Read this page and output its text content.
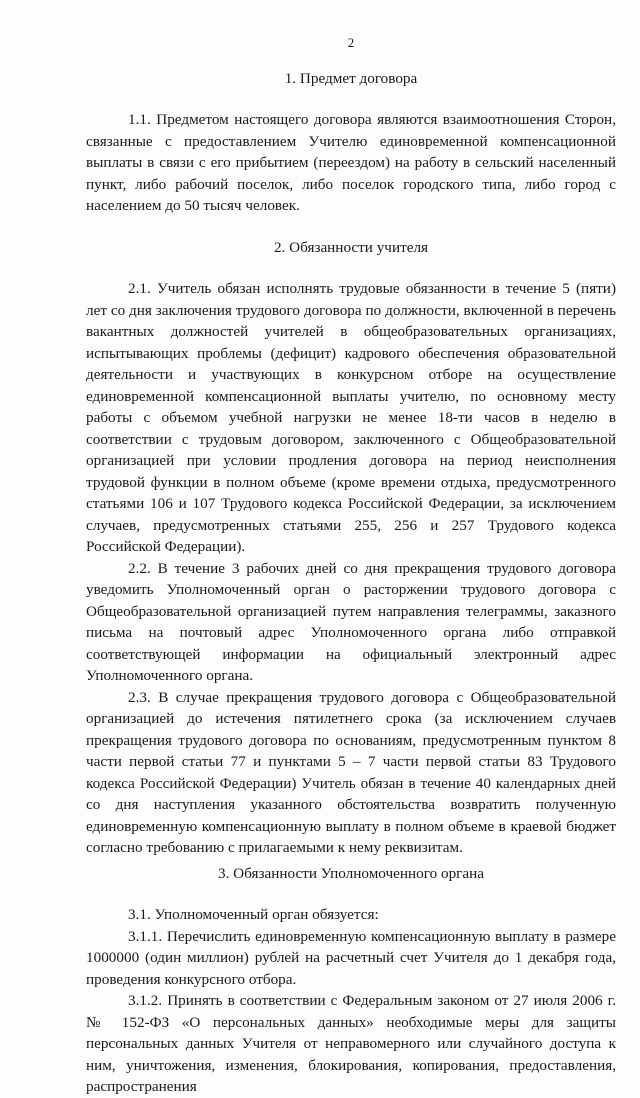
2
1. Предмет договора

1.1. Предметом настоящего договора являются взаимоотношения Сторон, связанные с предоставлением Учителю единовременной компенсационной выплаты в связи с его прибытием (переездом) на работу в сельский населенный пункт, либо рабочий поселок, либо поселок городского типа, либо город с населением до 50 тысяч человек.

2. Обязанности учителя

2.1. Учитель обязан исполнять трудовые обязанности в течение 5 (пяти) лет со дня заключения трудового договора по должности, включенной в перечень вакантных должностей учителей в общеобразовательных организациях, испытывающих проблемы (дефицит) кадрового обеспечения образовательной деятельности и участвующих в конкурсном отборе на осуществление единовременной компенсационной выплаты учителю, по основному месту работы с объемом учебной нагрузки не менее 18-ти часов в неделю в соответствии с трудовым договором, заключенного с Общеобразовательной организацией при условии продления договора на период неисполнения трудовой функции в полном объеме (кроме времени отдыха, предусмотренного статьями 106 и 107 Трудового кодекса Российской Федерации, за исключением случаев, предусмотренных статьями 255, 256 и 257 Трудового кодекса Российской Федерации).

2.2. В течение 3 рабочих дней со дня прекращения трудового договора уведомить Уполномоченный орган о расторжении трудового договора с Общеобразовательной организацией путем направления телеграммы, заказного письма на почтовый адрес Уполномоченного органа либо отправкой соответствующей информации на официальный электронный адрес Уполномоченного органа.

2.3. В случае прекращения трудового договора с Общеобразовательной организацией до истечения пятилетнего срока (за исключением случаев прекращения трудового договора по основаниям, предусмотренным пунктом 8 части первой статьи 77 и пунктами 5 – 7 части первой статьи 83 Трудового кодекса Российской Федерации) Учитель обязан в течение 40 календарных дней со дня наступления указанного обстоятельства возвратить полученную единовременную компенсационную выплату в полном объеме в краевой бюджет согласно требованию с прилагаемыми к нему реквизитам.

3. Обязанности Уполномоченного органа

3.1. Уполномоченный орган обязуется:

3.1.1. Перечислить единовременную компенсационную выплату в размере 1000000 (один миллион) рублей на расчетный счет Учителя до 1 декабря года, проведения конкурсного отбора.

3.1.2. Принять в соответствии с Федеральным законом от 27 июля 2006 г. № 152-ФЗ «О персональных данных» необходимые меры для защиты персональных данных Учителя от неправомерного или случайного доступа к ним, уничтожения, изменения, блокирования, копирования, предоставления, распространения
